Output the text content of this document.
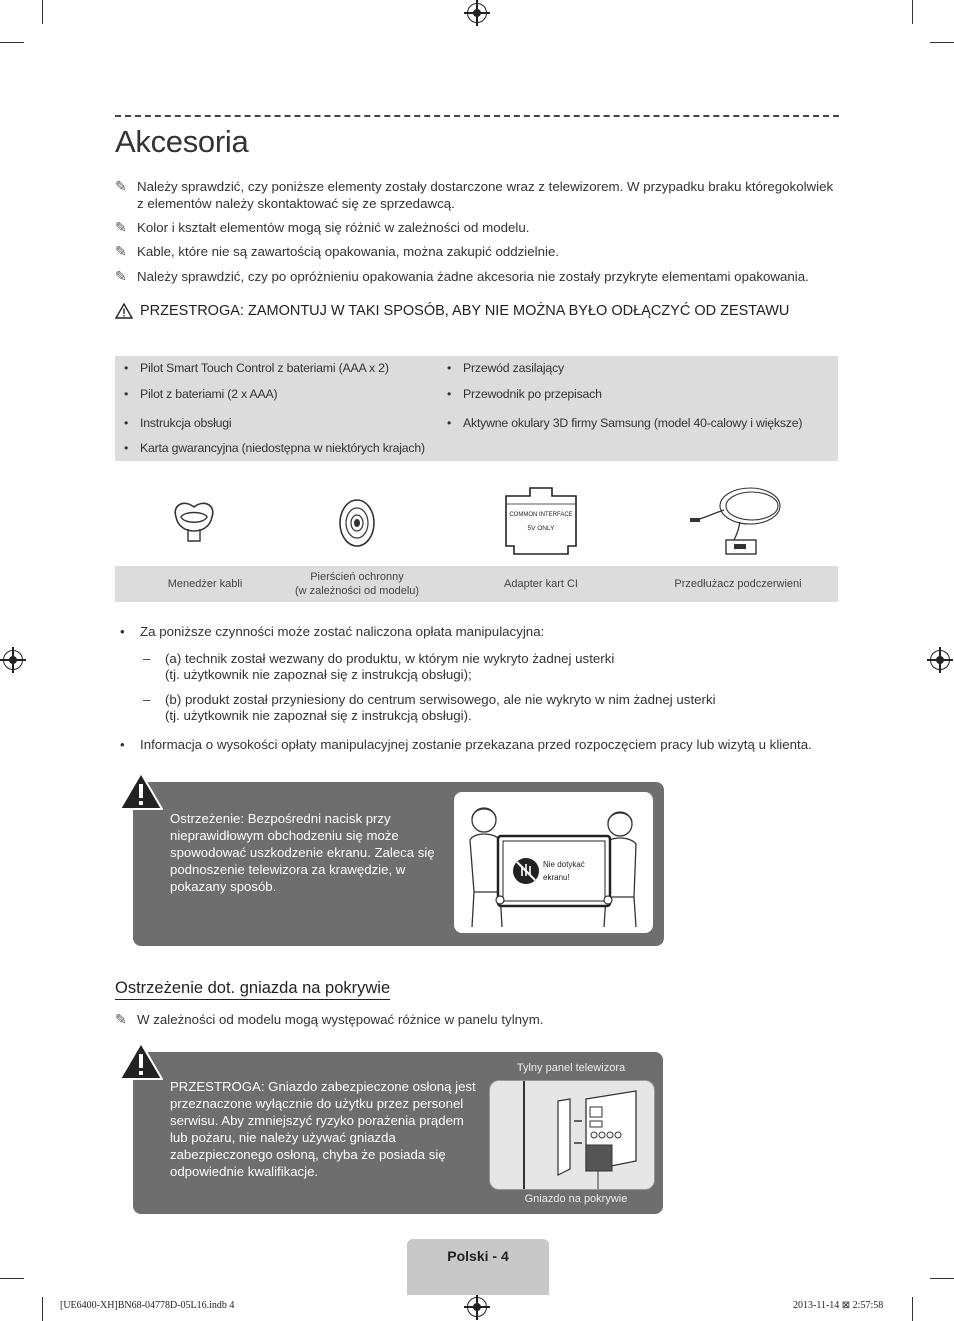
Akcesoria
✎ Należy sprawdzić, czy poniższe elementy zostały dostarczone wraz z telewizorem. W przypadku braku któregokolwiek z elementów należy skontaktować się ze sprzedawcą.
✎ Kolor i kształt elementów mogą się różnić w zależności od modelu.
✎ Kable, które nie są zawartością opakowania, można zakupić oddzielnie.
✎ Należy sprawdzić, czy po opróżnieniu opakowania żadne akcesoria nie zostały przykryte elementami opakowania.
PRZESTROGA: ZAMONTUJ W TAKI SPOSÓB, ABY NIE MOŻNA BYŁO ODŁĄCZYĆ OD ZESTAWU
• Pilot Smart Touch Control z bateriami (AAA x 2)
• Pilot z bateriami (2 x AAA)
• Instrukcja obsługi
• Karta gwarancyjna (niedostępna w niektórych krajach)
• Przewód zasilający
• Przewodnik po przepisach
• Aktywne okulary 3D firmy Samsung (model 40-calowy i większe)
COMMON INTERFACE
5V ONLY
Menedżer kabli
Pierścień ochronny
(w zależności od modelu)
Adapter kart CI	Przedłużacz podczerwieni
• Za poniższe czynności może zostać naliczona opłata manipulacyjna:
– (a) technik został wezwany do produktu, w którym nie wykryto żadnej usterki
(tj. użytkownik nie zapoznał się z instrukcją obsługi);
– (b) produkt został przyniesiony do centrum serwisowego, ale nie wykryto w nim żadnej usterki
(tj. użytkownik nie zapoznał się z instrukcją obsługi).
• Informacja o wysokości opłaty manipulacyjnej zostanie przekazana przed rozpoczęciem pracy lub wizytą u klienta.
Ostrzeżenie: Bezpośredni nacisk przy nieprawidłowym obchodzeniu się może spowodować uszkodzenie ekranu. Zaleca się podnoszenie telewizora za krawędzie, w pokazany sposób.
Nie dotykać
ekranu!
Ostrzeżenie dot. gniazda na pokrywie
✎ W zależności od modelu mogą występować różnice w panelu tylnym.
PRZESTROGA: Gniazdo zabezpieczone osłoną jest przeznaczone wyłącznie do użytku przez personel serwisu. Aby zmniejszyć ryzyko porażenia prądem lub pożaru, nie należy używać gniazda zabezpieczonego osłoną, chyba że posiada się odpowiednie kwalifikacje.
Tylny panel telewizora
Gniazdo na pokrywie
Polski - 4
[UE6400-XH]BN68-04778D-05L16.indb 4	2013-11-14 ⊠ 2:57:58
